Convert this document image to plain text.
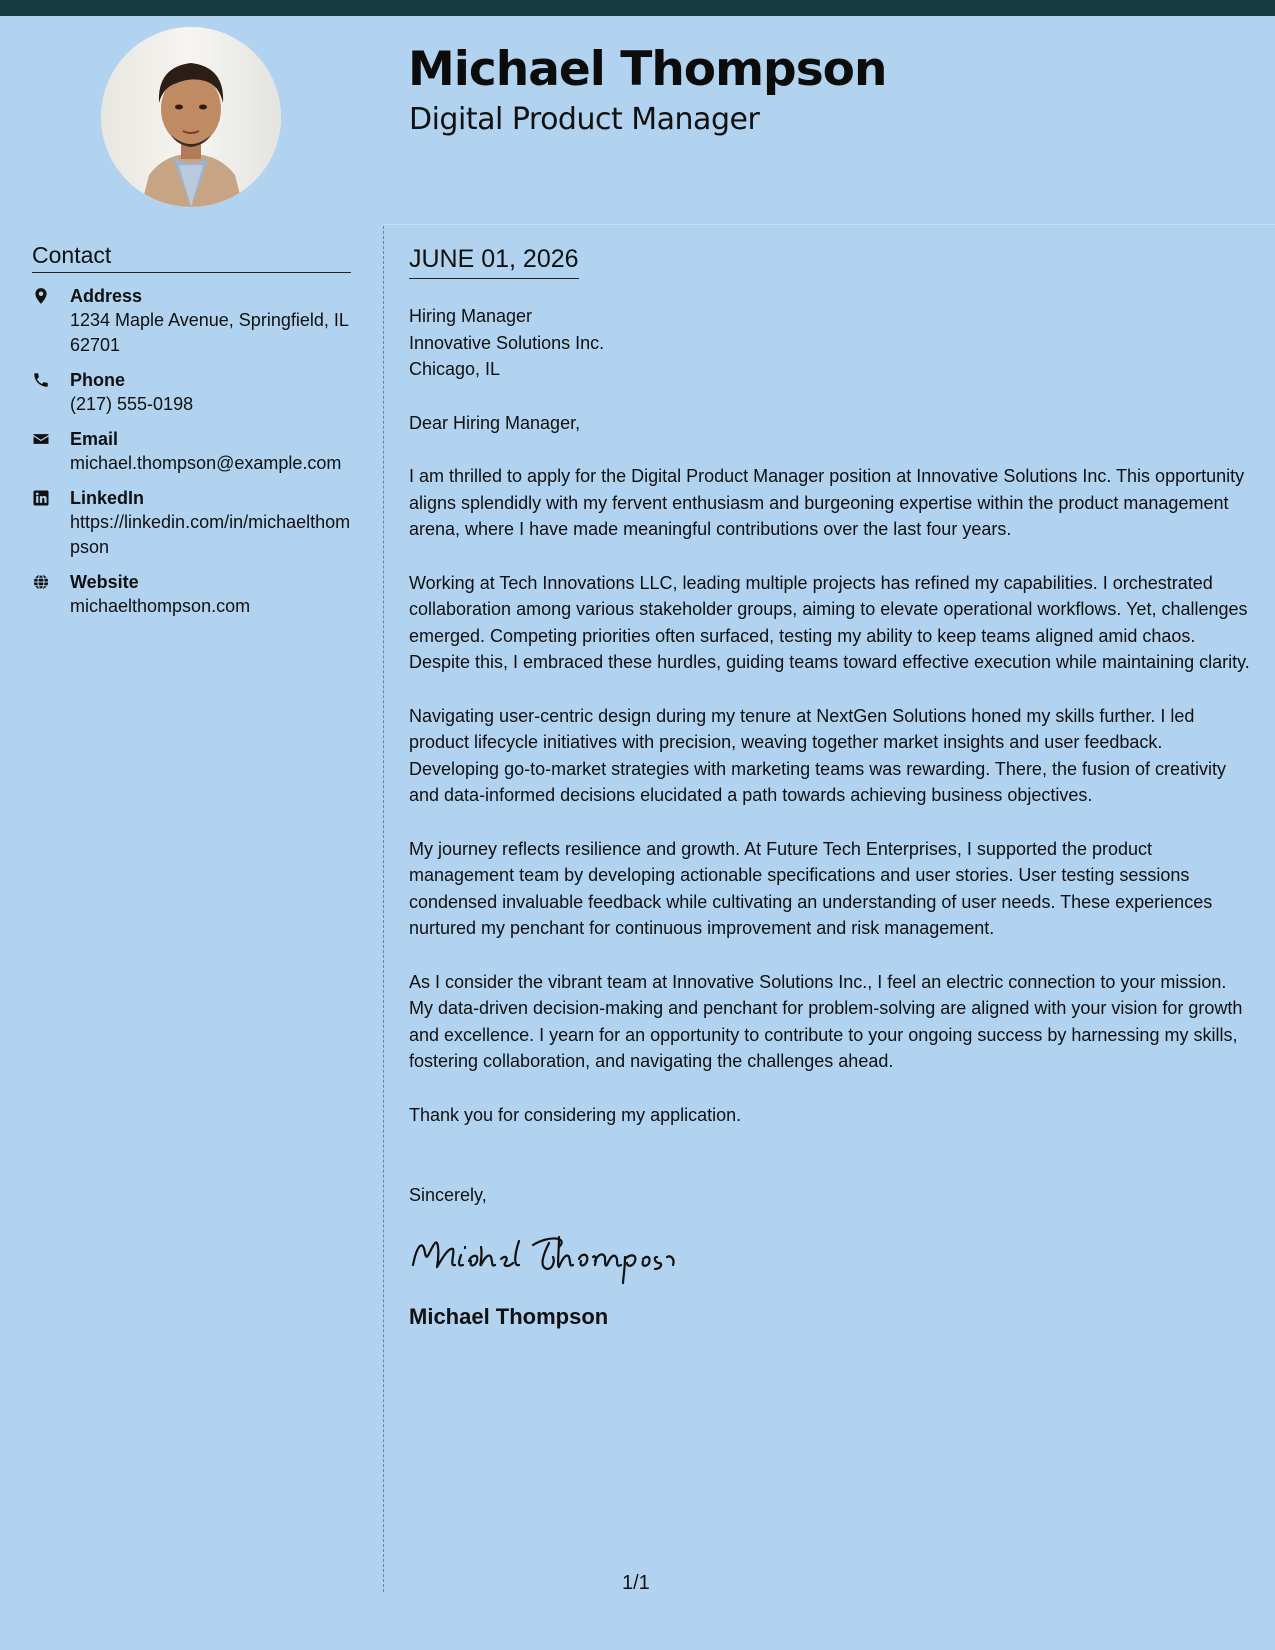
Michael Thompson
Digital Product Manager
Contact
Address
1234 Maple Avenue, Springfield, IL 62701
Phone
(217) 555-0198
Email
michael.thompson@example.com
LinkedIn
https://linkedin.com/in/michaelthompson
Website
michaelthompson.com
JUNE 01, 2026
Hiring Manager
Innovative Solutions Inc.
Chicago, IL
Dear Hiring Manager,
I am thrilled to apply for the Digital Product Manager position at Innovative Solutions Inc. This opportunity aligns splendidly with my fervent enthusiasm and burgeoning expertise within the product management arena, where I have made meaningful contributions over the last four years.
Working at Tech Innovations LLC, leading multiple projects has refined my capabilities. I orchestrated collaboration among various stakeholder groups, aiming to elevate operational workflows. Yet, challenges emerged. Competing priorities often surfaced, testing my ability to keep teams aligned amid chaos. Despite this, I embraced these hurdles, guiding teams toward effective execution while maintaining clarity.
Navigating user-centric design during my tenure at NextGen Solutions honed my skills further. I led product lifecycle initiatives with precision, weaving together market insights and user feedback. Developing go-to-market strategies with marketing teams was rewarding. There, the fusion of creativity and data-informed decisions elucidated a path towards achieving business objectives.
My journey reflects resilience and growth. At Future Tech Enterprises, I supported the product management team by developing actionable specifications and user stories. User testing sessions condensed invaluable feedback while cultivating an understanding of user needs. These experiences nurtured my penchant for continuous improvement and risk management.
As I consider the vibrant team at Innovative Solutions Inc., I feel an electric connection to your mission. My data-driven decision-making and penchant for problem-solving are aligned with your vision for growth and excellence. I yearn for an opportunity to contribute to your ongoing success by harnessing my skills, fostering collaboration, and navigating the challenges ahead.
Thank you for considering my application.
Sincerely,
Michael Thompson
1/1
